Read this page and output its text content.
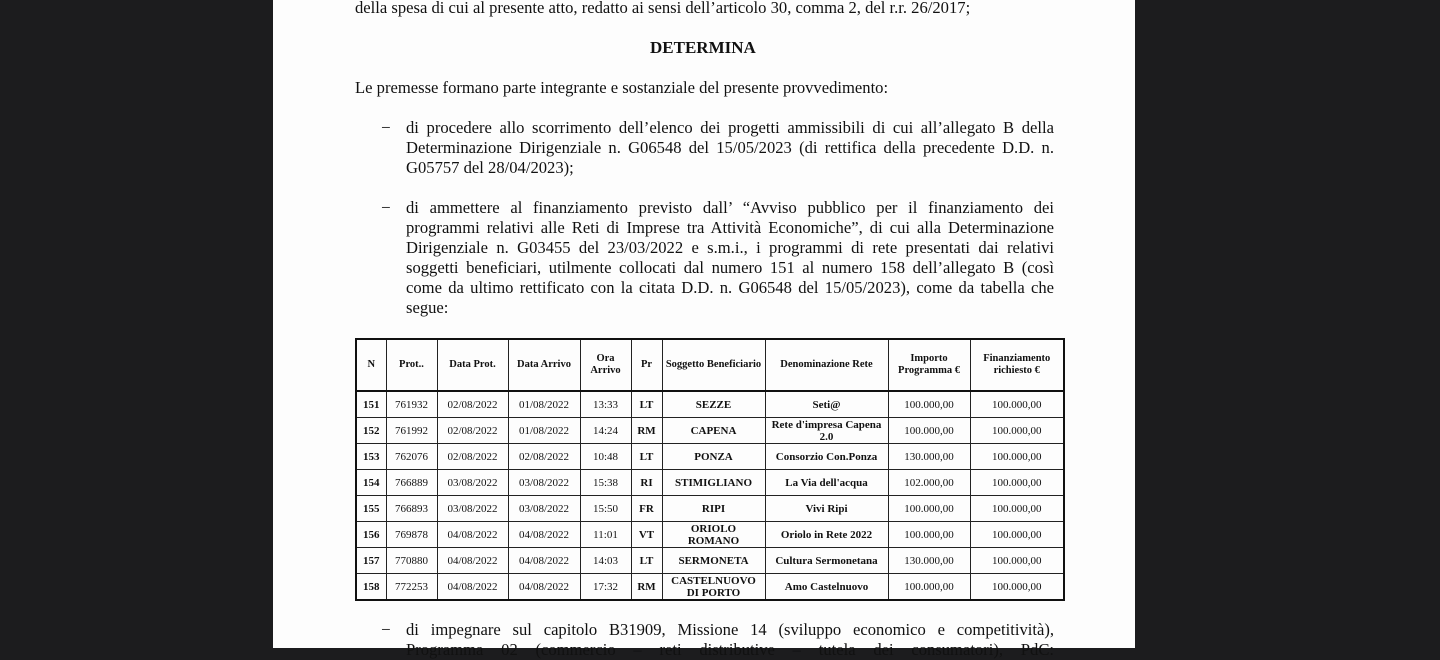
della spesa di cui al presente atto, redatto ai sensi dell’articolo 30, comma 2, del r.r. 26/2017;
DETERMINA
Le premesse formano parte integrante e sostanziale del presente provvedimento:
− di procedere allo scorrimento dell’elenco dei progetti ammissibili di cui all’allegato B della
Determinazione Dirigenziale n. G06548 del 15/05/2023 (di rettifica della precedente D.D. n.
G05757 del 28/04/2023);
− di ammettere al finanziamento previsto dall’ “Avviso pubblico per il finanziamento dei
programmi relativi alle Reti di Imprese tra Attività Economiche”, di cui alla Determinazione
Dirigenziale n. G03455 del 23/03/2022 e s.m.i., i programmi di rete presentati dai relativi
soggetti beneficiari, utilmente collocati dal numero 151 al numero 158 dell’allegato B (così
come da ultimo rettificato con la citata D.D. n. G06548 del 15/05/2023), come da tabella che
segue:
N	Prot..	Data Prot.	Data Arrivo	Ora Arrivo	Pr	Soggetto Beneficiario	Denominazione Rete	Importo Programma €	Finanziamento richiesto €
151	761932	02/08/2022	01/08/2022	13:33	LT	SEZZE	Seti@	100.000,00	100.000,00
152	761992	02/08/2022	01/08/2022	14:24	RM	CAPENA	Rete d'impresa Capena 2.0	100.000,00	100.000,00
153	762076	02/08/2022	02/08/2022	10:48	LT	PONZA	Consorzio Con.Ponza	130.000,00	100.000,00
154	766889	03/08/2022	03/08/2022	15:38	RI	STIMIGLIANO	La Via dell'acqua	102.000,00	100.000,00
155	766893	03/08/2022	03/08/2022	15:50	FR	RIPI	Vivi Ripi	100.000,00	100.000,00
156	769878	04/08/2022	04/08/2022	11:01	VT	ORIOLO ROMANO	Oriolo in Rete 2022	100.000,00	100.000,00
157	770880	04/08/2022	04/08/2022	14:03	LT	SERMONETA	Cultura Sermonetana	130.000,00	100.000,00
158	772253	04/08/2022	04/08/2022	17:32	RM	CASTELNUOVO DI PORTO	Amo Castelnuovo	100.000,00	100.000,00
− di impegnare sul capitolo B31909, Missione 14 (sviluppo economico e competitività),
Programma 02 (commercio – reti distributive – tutela dei consumatori), PdC:
